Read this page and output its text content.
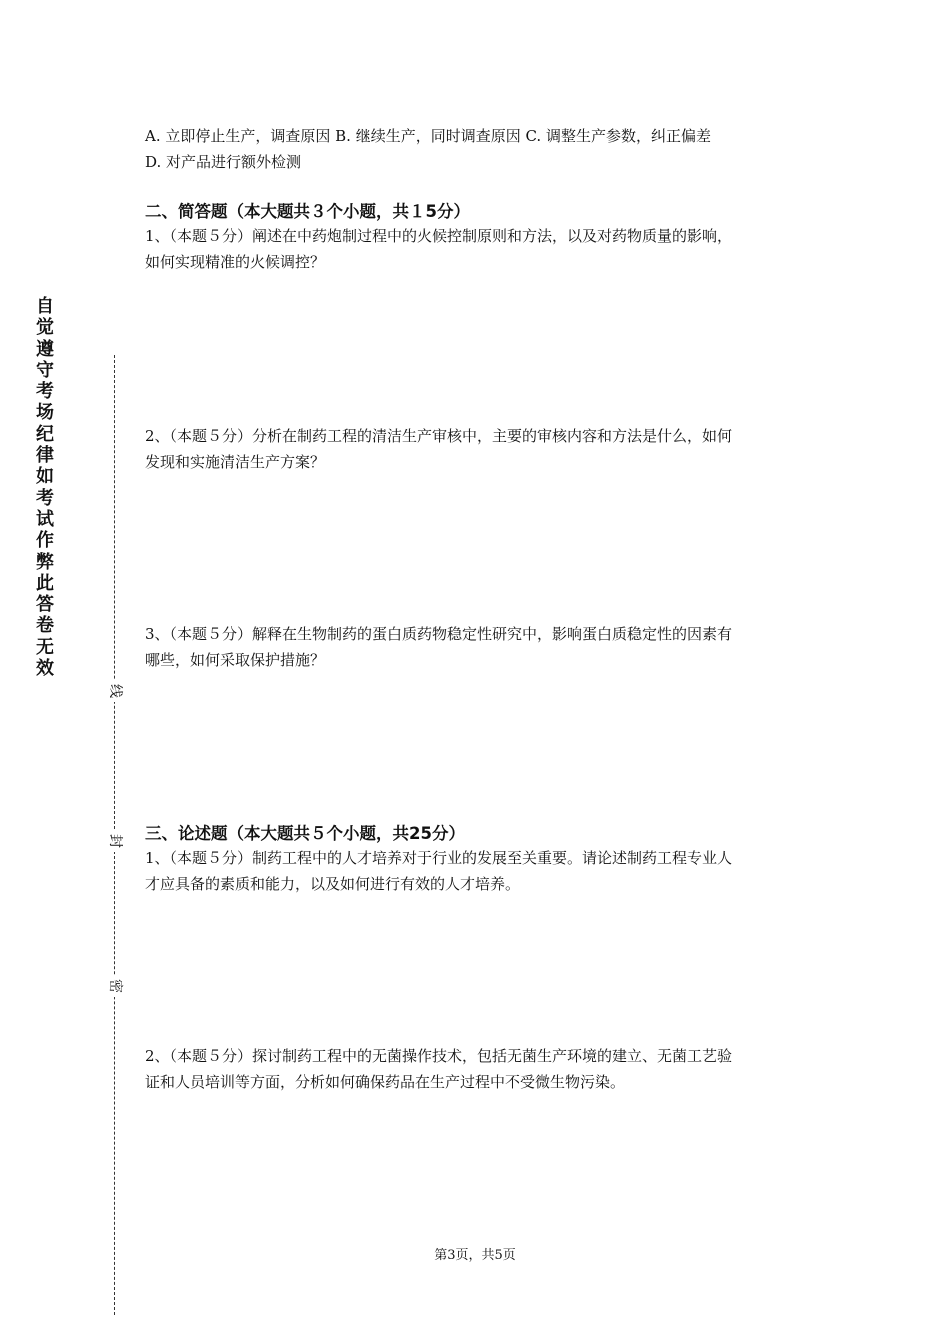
自觉遵守考场纪律如考试作弊此答卷无效
线
封
密
A. 立即停止生产，调查原因 B. 继续生产，同时调查原因 C. 调整生产参数，纠正偏差
D. 对产品进行额外检测
二、简答题（本大题共３个小题，共１5分）
1、（本题５分）阐述在中药炮制过程中的火候控制原则和方法，以及对药物质量的影响，
如何实现精准的火候调控？
2、（本题５分）分析在制药工程的清洁生产审核中，主要的审核内容和方法是什么，如何
发现和实施清洁生产方案？
3、（本题５分）解释在生物制药的蛋白质药物稳定性研究中，影响蛋白质稳定性的因素有
哪些，如何采取保护措施？
三、论述题（本大题共５个小题，共25分）
1、（本题５分）制药工程中的人才培养对于行业的发展至关重要。请论述制药工程专业人
才应具备的素质和能力，以及如何进行有效的人才培养。
2、（本题５分）探讨制药工程中的无菌操作技术，包括无菌生产环境的建立、无菌工艺验
证和人员培训等方面，分析如何确保药品在生产过程中不受微生物污染。
第3页，共5页
